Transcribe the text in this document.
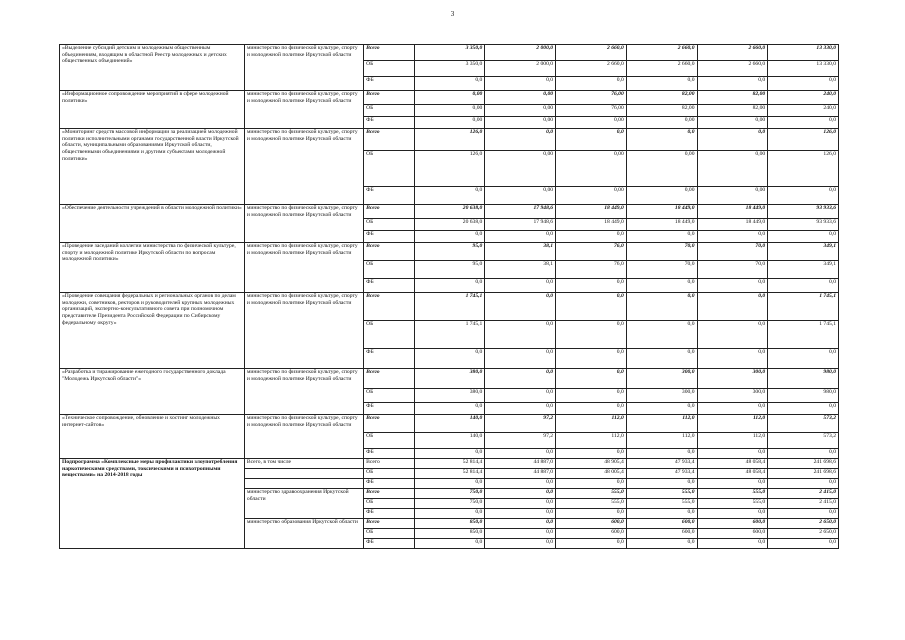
3
«Выделение субсидий детским и молодежным общественным объединениям, входящим в областной Реестр молодежных и детских общественных объединений»	министерство по физической культуре, спорту и молодежной политике Иркутской области	Всего	3 350,0	2 000,0	2 660,0	2 660,0	2 660,0	13 330,0
		ОБ	3 350,0	2 000,0	2 660,0	2 660,0	2 660,0	13 330,0
		ФБ	0,0	0,0	0,0	0,0	0,0	0,0
«Информационное сопровождение мероприятий в сфере молодежной политики»	министерство по физической культуре, спорту и молодежной политике Иркутской области	Всего	0,00	0,00	76,00	82,00	82,00	240,0
		ОБ	0,00	0,00	76,00	82,00	82,00	240,0
		ФБ	0,00	0,00	0,00	0,00	0,00	0,0
«Мониторинг средств массовой информации за реализацией молодежной политики исполнительными органами государственной власти Иркутской области, муниципальными образованиями Иркутской области, общественными объединениями и другими субъектами молодежной политики»	министерство по физической культуре, спорту и молодежной политике Иркутской области	Всего	126,0	0,0	0,0	0,0	0,0	126,0
		ОБ	126,0	0,00	0,00	0,00	0,00	126,0
		ФБ	0,0	0,00	0,00	0,00	0,00	0,0
«Обеспечение деятельности учреждений в области молодежной политики»	министерство по физической культуре, спорту и молодежной политике Иркутской области	Всего	20 638,0	17 948,6	18 449,0	18 449,0	18 449,0	93 933,6
		ОБ	20 638,0	17 948,6	18 449,0	18 449,0	18 449,0	93 933,6
		ФБ	0,0	0,0	0,0	0,0	0,0	0,0
«Проведение заседаний коллегии министерства по физической культуре, спорту и молодежной политике Иркутской области по вопросам молодежной политики»	министерство по физической культуре, спорту и молодежной политике Иркутской области	Всего	95,0	38,1	76,0	70,0	70,0	349,1
		ОБ	95,0	38,1	76,0	70,0	70,0	349,1
		ФБ	0,0	0,0	0,0	0,0	0,0	0,0
«Проведение совещания федеральных и региональных органов по делам молодежи, советников, ректоров и руководителей крупных молодежных организаций, экспертно-консультативного совета при полномочном представителе Президента Российской Федерации по Сибирскому федеральному округу»	министерство по физической культуре, спорту и молодежной политике Иркутской области	Всего	1 745,1	0,0	0,0	0,0	0,0	1 745,1
		ОБ	1 745,1	0,0	0,0	0,0	0,0	1 745,1
		ФБ	0,0	0,0	0,0	0,0	0,0	0,0
«Разработка и тиражирование ежегодного государственного доклада "Молодежь Иркутской области"»	министерство по физической культуре, спорту и молодежной политике Иркутской области	Всего	380,0	0,0	0,0	300,0	300,0	980,0
		ОБ	380,0	0,0	0,0	300,0	300,0	980,0
		ФБ	0,0	0,0	0,0	0,0	0,0	0,0
«Техническое сопровождение, обновление и хостинг молодежных интернет-сайтов»	министерство по физической культуре, спорту и молодежной политике Иркутской области	Всего	140,0	97,2	112,0	112,0	112,0	573,2
		ОБ	140,0	97,2	112,0	112,0	112,0	573,2
		ФБ	0,0	0,0	0,0	0,0	0,0	0,0
Подпрограмма «Комплексные меры профилактики злоупотребления наркотическими средствами, токсическими и психотропными веществами» на 2014-2018 годы	Всего, в том числе	Всего	52 814,4	44 887,0	48 905,4	47 933,4	48 058,4	241 698,6
		ОБ	52 814,4	44 887,0	48 005,4	47 933,4	48 058,4	241 698,6
		ФБ	0,0	0,0	0,0	0,0	0,0	0,0
	министерство здравоохранения Иркутской области	Всего	750,0	0,0	555,0	555,0	555,0	2 415,0
		ОБ	750,0	0,0	555,0	555,0	555,0	2 415,0
		ФБ	0,0	0,0	0,0	0,0	0,0	0,0
	министерство образования Иркутской области	Всего	850,0	0,0	600,0	600,0	600,0	2 650,0
		ОБ	850,0	0,0	600,0	600,0	600,0	2 650,0
		ФБ	0,0	0,0	0,0	0,0	0,0	0,0
